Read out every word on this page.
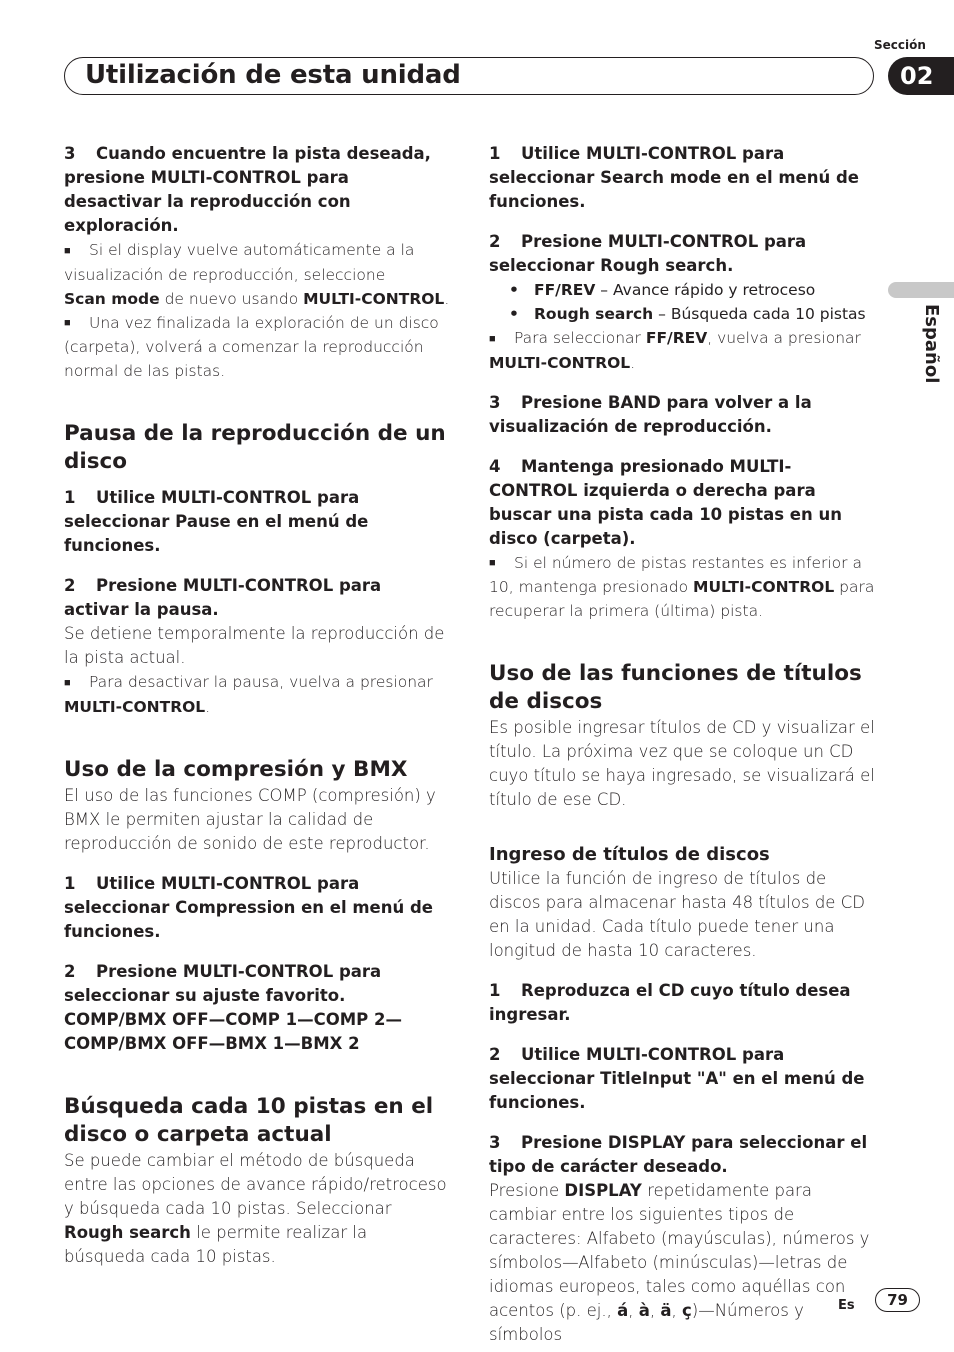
Sección
Utilización de esta unidad	02
Español

3 Cuando encuentre la pista deseada, presione MULTI-CONTROL para desactivar la reproducción con exploración.

■ Si el display vuelve automáticamente a la visualización de reproducción, seleccione
Scan mode de nuevo usando MULTI-CONTROL.

■ Una vez finalizada la exploración de un disco (carpeta), volverá a comenzar la reproducción normal de las pistas.

Pausa de la reproducción de un disco

1 Utilice MULTI-CONTROL para seleccionar Pause en el menú de funciones.

2 Presione MULTI-CONTROL para activar la pausa.

Se detiene temporalmente la reproducción de la pista actual.

■ Para desactivar la pausa, vuelva a presionar
MULTI-CONTROL.

Uso de la compresión y BMX

El uso de las funciones COMP (compresión) y BMX le permiten ajustar la calidad de reproducción de sonido de este reproductor.

1 Utilice MULTI-CONTROL para seleccionar Compression en el menú de funciones.

2 Presione MULTI-CONTROL para seleccionar su ajuste favorito.

COMP/BMX OFF—COMP 1—COMP 2—
COMP/BMX OFF—BMX 1—BMX 2

Búsqueda cada 10 pistas en el disco o carpeta actual

Se puede cambiar el método de búsqueda entre las opciones de avance rápido/retroceso y búsqueda cada 10 pistas. Seleccionar
Rough search le permite realizar la búsqueda cada 10 pistas.

1 Utilice MULTI-CONTROL para seleccionar Search mode en el menú de funciones.

2 Presione MULTI-CONTROL para seleccionar Rough search.

• FF/REV – Avance rápido y retroceso

• Rough search – Búsqueda cada 10 pistas

■ Para seleccionar FF/REV, vuelva a presionar
MULTI-CONTROL.

3 Presione BAND para volver a la visualización de reproducción.

4 Mantenga presionado MULTI-CONTROL izquierda o derecha para buscar una pista cada 10 pistas en un disco (carpeta).

■ Si el número de pistas restantes es inferior a 10, mantenga presionado MULTI-CONTROL para recuperar la primera (última) pista.

Uso de las funciones de títulos de discos

Es posible ingresar títulos de CD y visualizar el título. La próxima vez que se coloque un CD cuyo título se haya ingresado, se visualizará el título de ese CD.

Ingreso de títulos de discos

Utilice la función de ingreso de títulos de discos para almacenar hasta 48 títulos de CD en la unidad. Cada título puede tener una longitud de hasta 10 caracteres.

1 Reproduzca el CD cuyo título desea ingresar.

2 Utilice MULTI-CONTROL para seleccionar TitleInput "A" en el menú de funciones.

3 Presione DISPLAY para seleccionar el tipo de carácter deseado.

Presione DISPLAY repetidamente para cambiar entre los siguientes tipos de caracteres: Alfabeto (mayúsculas), números y símbolos—Alfabeto (minúsculas)—letras de idiomas europeos, tales como aquéllas con acentos (p. ej., á, à, ä, ç)—Números y símbolos

Es	79
